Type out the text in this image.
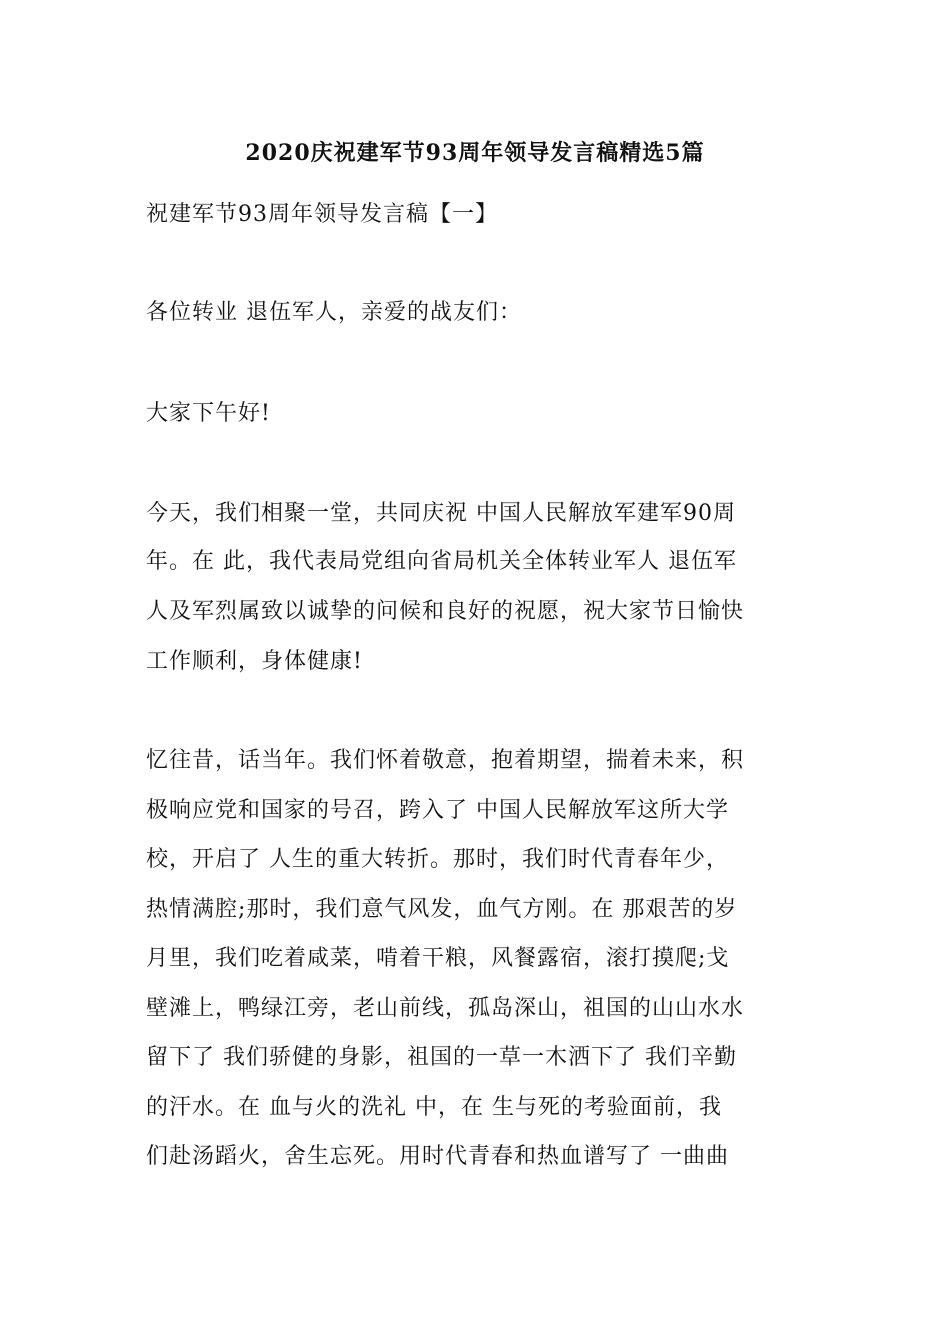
2020庆祝建军节93周年领导发言稿精选5篇
祝建军节93周年领导发言稿【一】
各位转业 退伍军人，亲爱的战友们：
大家下午好!
今天，我们相聚一堂，共同庆祝 中国人民解放军建军90周
年。在 此，我代表局党组向省局机关全体转业军人 退伍军
人及军烈属致以诚挚的问候和良好的祝愿，祝大家节日愉快
工作顺利，身体健康!
忆往昔，话当年。我们怀着敬意，抱着期望，揣着未来，积
极响应党和国家的号召，跨入了 中国人民解放军这所大学
校，开启了 人生的重大转折。那时，我们时代青春年少，
热情满腔;那时，我们意气风发，血气方刚。在 那艰苦的岁
月里，我们吃着咸菜，啃着干粮，风餐露宿，滚打摸爬;戈
壁滩上，鸭绿江旁，老山前线，孤岛深山，祖国的山山水水
留下了 我们骄健的身影，祖国的一草一木洒下了 我们辛勤
的汗水。在 血与火的洗礼 中，在 生与死的考验面前，我
们赴汤蹈火，舍生忘死。用时代青春和热血谱写了 一曲曲
